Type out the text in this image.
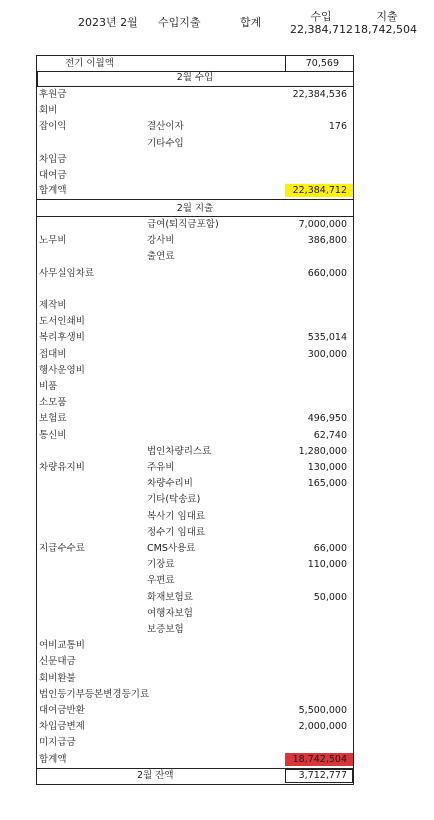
2023년 2월 수입지출	합계	수입	지출
22,384,712 18,742,504
전기 이월액	70,569
2월 수입
후원금	22,384,536
회비
잡이익	결산이자	176
기타수입
차입금
대여금
합계액	22,384,712
2월 지출
급여(퇴직금포함)	7,000,000
노무비	강사비	386,800
출연료
사무실임차료	660,000
제작비
도서인쇄비
복리후생비	535,014
접대비	300,000
행사운영비
비품
소모품
보험료	496,950
통신비	62,740
법인차량리스료	1,280,000
차량유지비	주유비	130,000
차량수리비	165,000
기타(탁송료)
복사기 임대료
정수기 임대료
지급수수료	CMS사용료	66,000
기장료	110,000
우편료
화재보험료	50,000
여행자보험
보증보험
여비교통비
신문대금
회비환불
법인등기부등본변경등기료
대여금반환	5,500,000
차입금변제	2,000,000
미지급금
합계액	18,742,504
2월 잔액	3,712,777
